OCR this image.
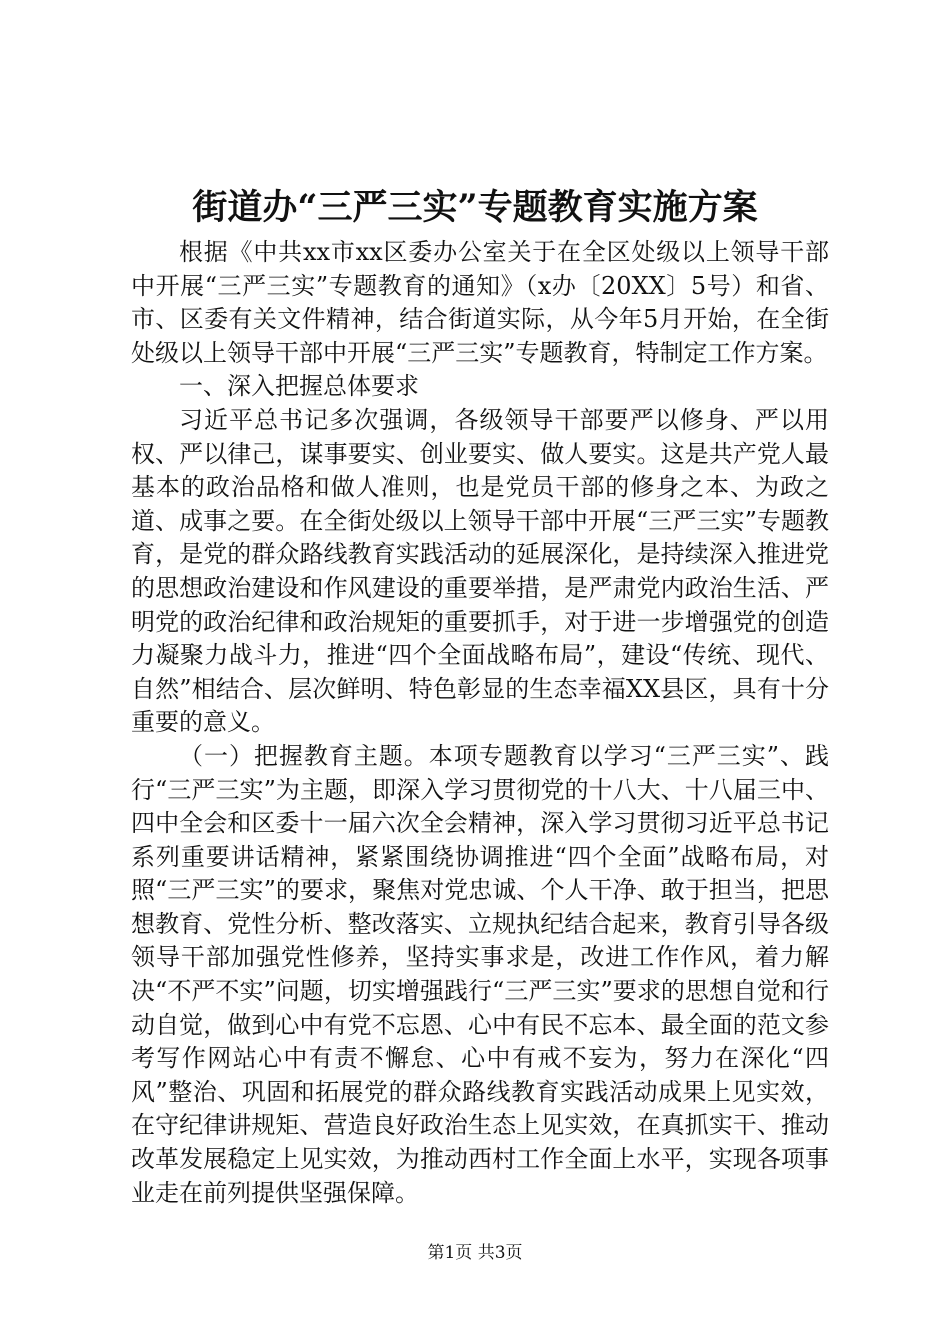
街道办“三严三实”专题教育实施方案

根据《中共xx市xx区委办公室关于在全区处级以上领导干部中开展“三严三实”专题教育的通知》（x办〔20XX〕5号）和省、市、区委有关文件精神，结合街道实际，从今年5月开始，在全街处级以上领导干部中开展“三严三实”专题教育，特制定工作方案。

一、深入把握总体要求

习近平总书记多次强调，各级领导干部要严以修身、严以用权、严以律己，谋事要实、创业要实、做人要实。这是共产党人最基本的政治品格和做人准则，也是党员干部的修身之本、为政之道、成事之要。在全街处级以上领导干部中开展“三严三实”专题教育，是党的群众路线教育实践活动的延展深化，是持续深入推进党的思想政治建设和作风建设的重要举措，是严肃党内政治生活、严明党的政治纪律和政治规矩的重要抓手，对于进一步增强党的创造力凝聚力战斗力，推进“四个全面战略布局”，建设“传统、现代、自然”相结合、层次鲜明、特色彰显的生态幸福XX县区，具有十分重要的意义。

（一）把握教育主题。本项专题教育以学习“三严三实”、践行“三严三实”为主题，即深入学习贯彻党的十八大、十八届三中、四中全会和区委十一届六次全会精神，深入学习贯彻习近平总书记系列重要讲话精神，紧紧围绕协调推进“四个全面”战略布局，对照“三严三实”的要求，聚焦对党忠诚、个人干净、敢于担当，把思想教育、党性分析、整改落实、立规执纪结合起来，教育引导各级领导干部加强党性修养，坚持实事求是，改进工作作风，着力解决“不严不实”问题，切实增强践行“三严三实”要求的思想自觉和行动自觉，做到心中有党不忘恩、心中有民不忘本、最全面的范文参考写作网站心中有责不懈怠、心中有戒不妄为，努力在深化“四风”整治、巩固和拓展党的群众路线教育实践活动成果上见实效，在守纪律讲规矩、营造良好政治生态上见实效，在真抓实干、推动改革发展稳定上见实效，为推动西村工作全面上水平，实现各项事业走在前列提供坚强保障。

第1页 共3页
